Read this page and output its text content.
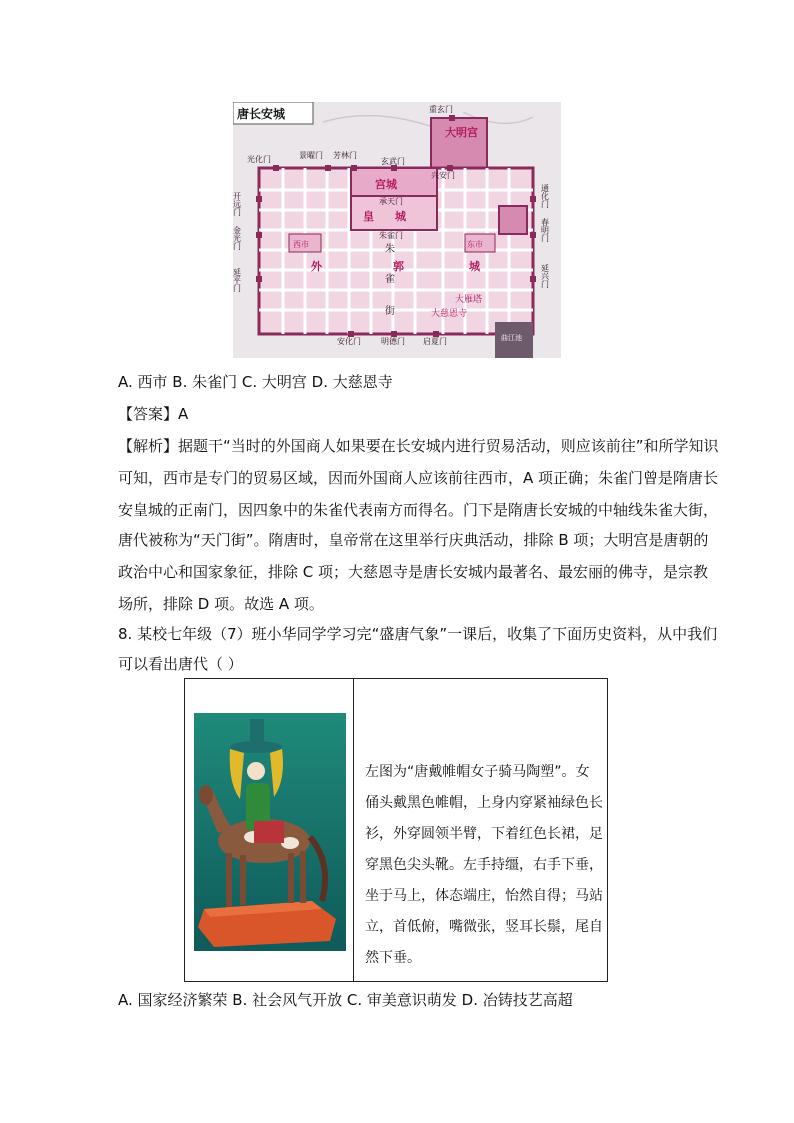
唐长安城
大明宫
重玄门
光化门	景曜门 芳林门
玄武门
兴安门
承天门
朱雀门
开远门
金光门
延平门
通化门
春明门
延兴门
安化门	明德门 启夏门
宫城
皇 城
西市	东市
外	郭	城
朱
雀
街
大雁塔
大慈恩寺
曲江池
A. 西市 B. 朱雀门 C. 大明宫 D. 大慈恩寺
【答案】A
【解析】据题干“当时的外国商人如果要在长安城内进行贸易活动，则应该前往”和所学知识
可知，西市是专门的贸易区域，因而外国商人应该前往西市，A 项正确；朱雀门曾是隋唐长
安皇城的正南门，因四象中的朱雀代表南方而得名。门下是隋唐长安城的中轴线朱雀大街，
唐代被称为“天门街”。隋唐时，皇帝常在这里举行庆典活动，排除 B 项；大明宫是唐朝的
政治中心和国家象征，排除 C 项；大慈恩寺是唐长安城内最著名、最宏丽的佛寺，是宗教
场所，排除 D 项。故选 A 项。
8. 某校七年级（7）班小华同学学习完“盛唐气象”一课后，收集了下面历史资料，从中我们
可以看出唐代（ ）
左图为“唐戴帷帽女子骑马陶塑”。女俑头戴黑色帷帽，上身内穿紧袖绿色长衫，外穿圆领半臂，下着红色长裙，足穿黑色尖头靴。左手持缰，右手下垂，坐于马上，体态端庄，怡然自得；马站立，首低俯，嘴微张，竖耳长鬃，尾自然下垂。
A. 国家经济繁荣 B. 社会风气开放 C. 审美意识萌发 D. 冶铸技艺高超
